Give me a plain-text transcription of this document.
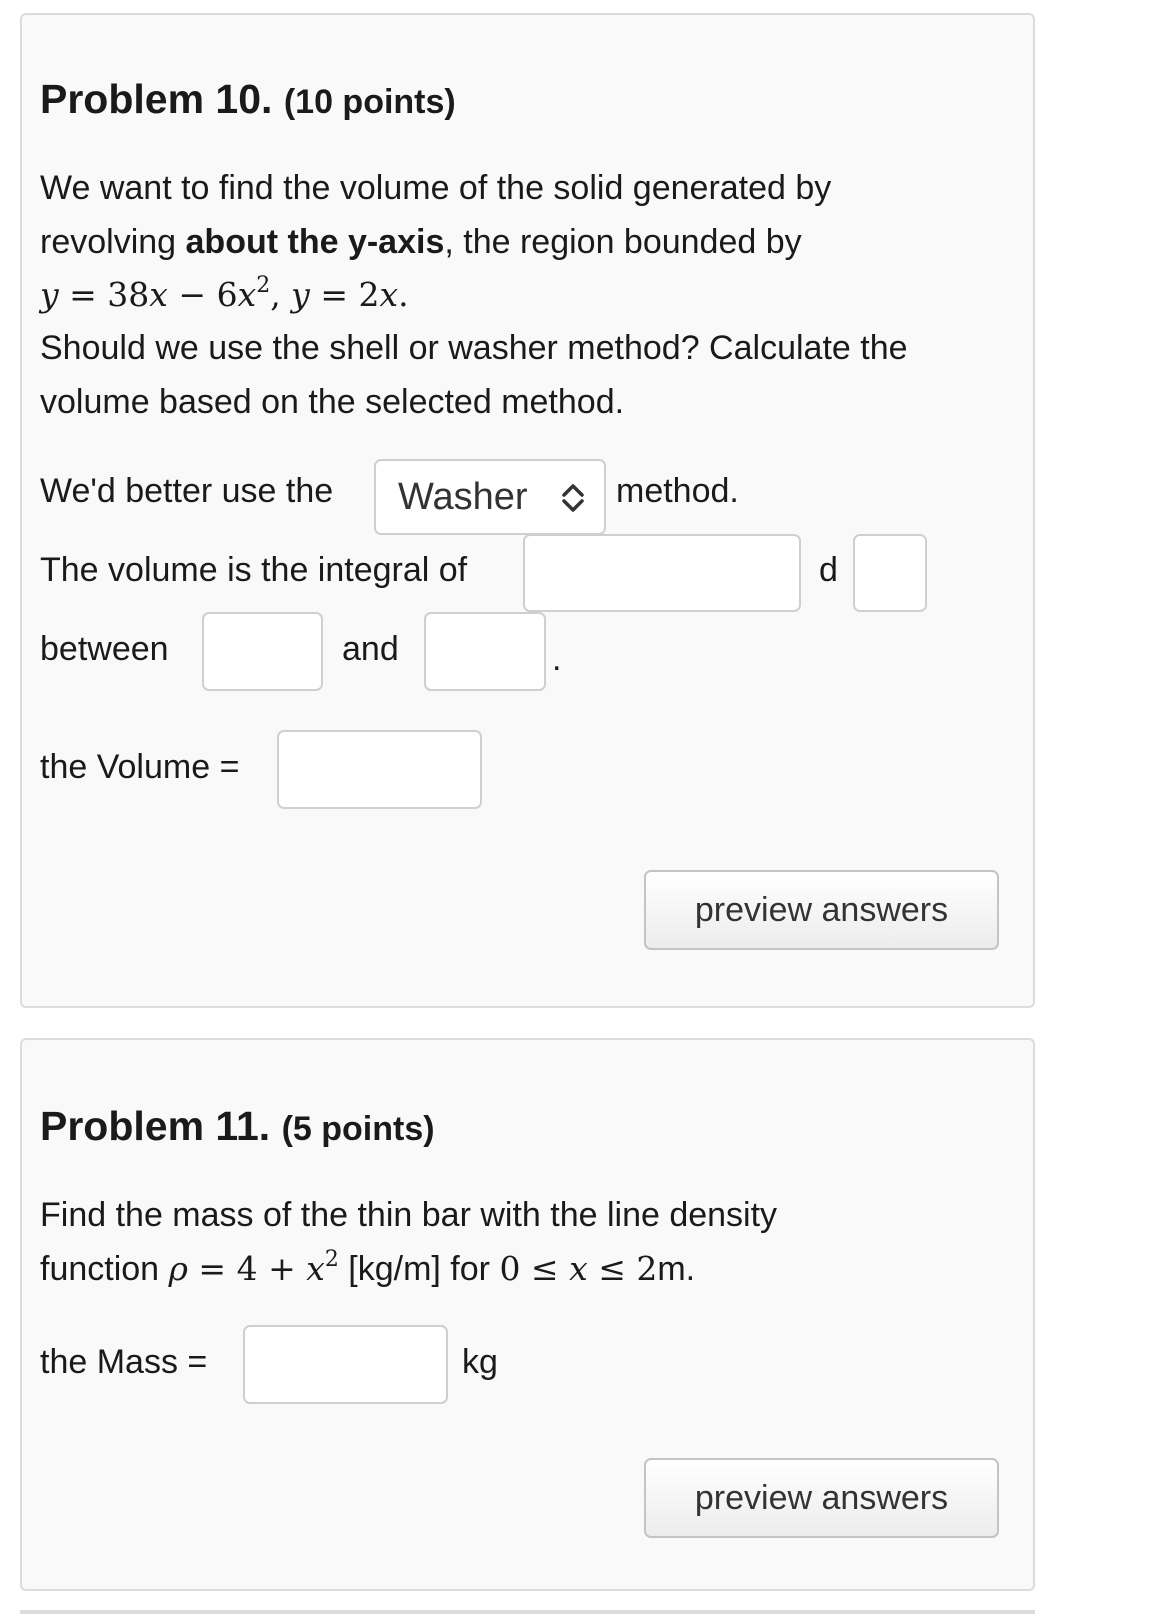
Problem 10. (10 points)
We want to find the volume of the solid generated by
revolving about the y-axis, the region bounded by
$y = 38x - 6x^2$, y = 2x.
Should we use the shell or washer method? Calculate the
volume based on the selected method.
We'd better use the Washer	method.
The volume is the integral of	d
between	and	.
the Volume =
preview answers
Problem 11. (5 points)
Find the mass of the thin bar with the line density
function $\rho = 4 + x^2$ [kg/m] for 0 ≤ x ≤ 2m.
the Mass =	kg
preview answers
